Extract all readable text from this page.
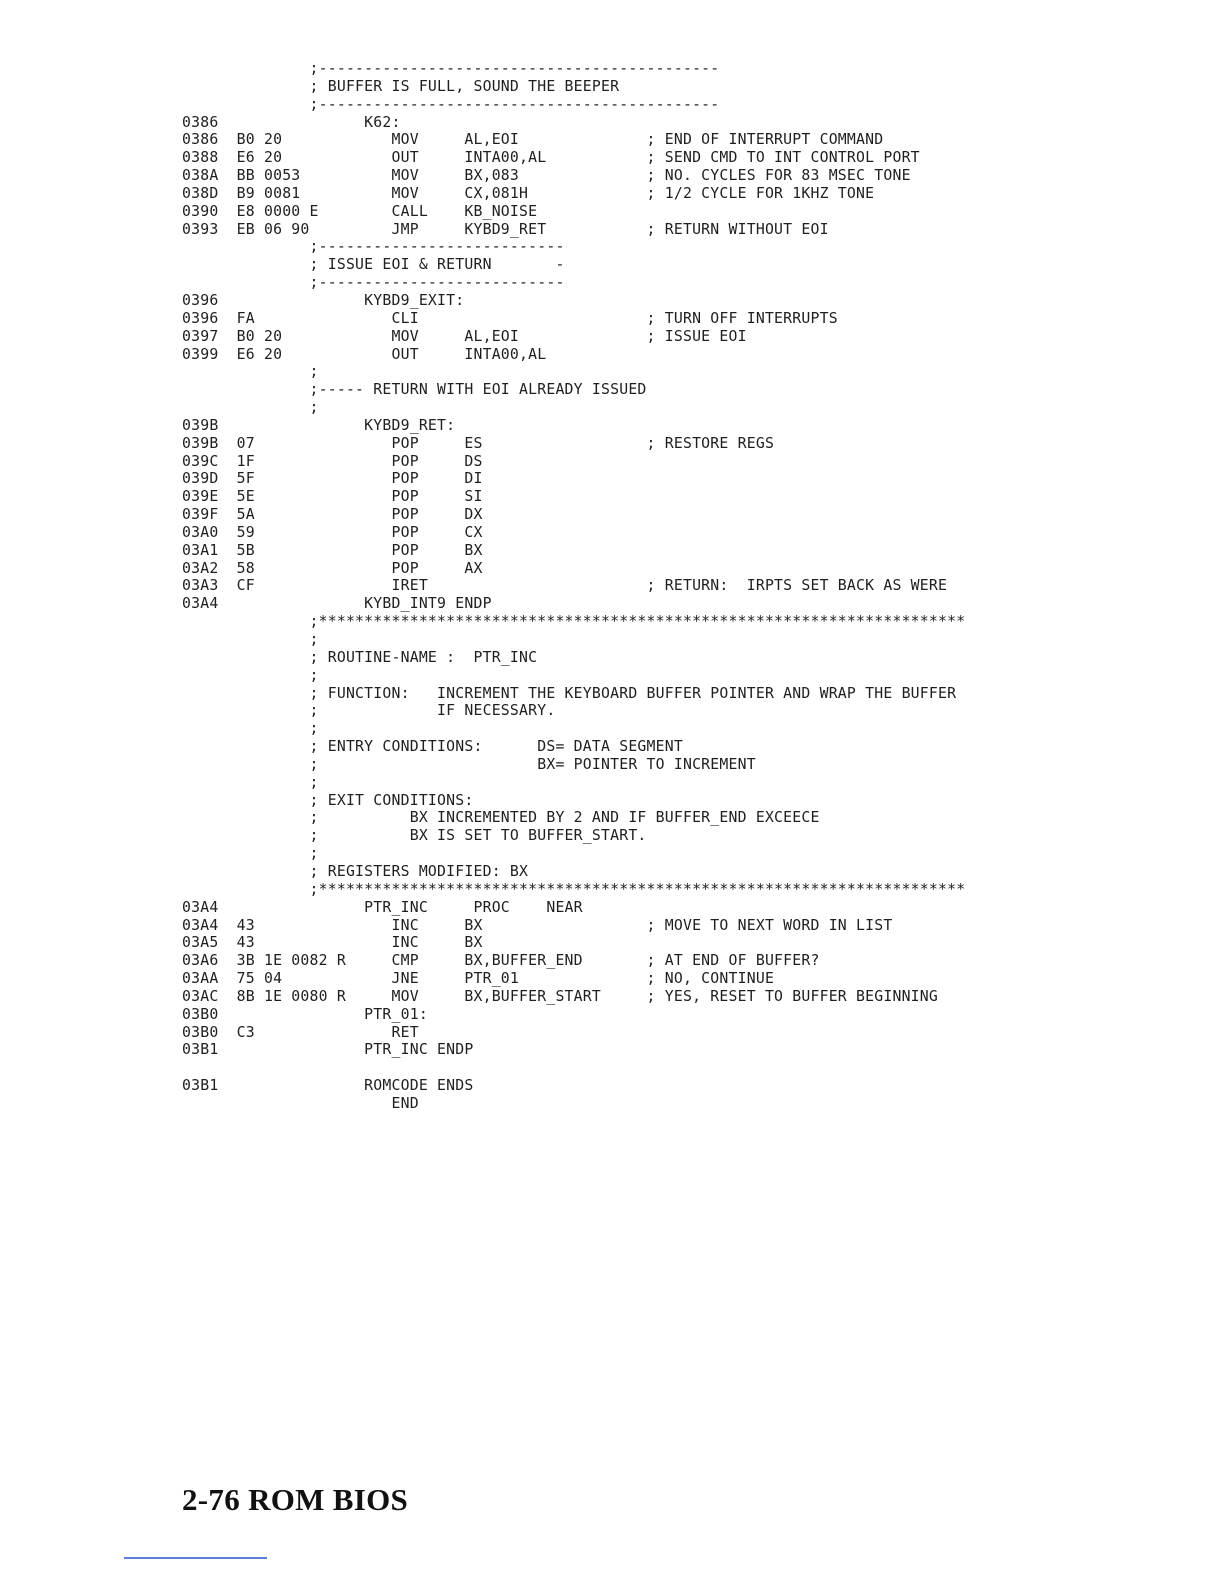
;--------------------------------------------
; BUFFER IS FULL, SOUND THE BEEPER
;--------------------------------------------
0386                K62:
0386  B0 20            MOV     AL,EOI              ; END OF INTERRUPT COMMAND
0388  E6 20            OUT     INTA00,AL           ; SEND CMD TO INT CONTROL PORT
038A  BB 0053          MOV     BX,083              ; NO. CYCLES FOR 83 MSEC TONE
038D  B9 0081          MOV     CX,081H             ; 1/2 CYCLE FOR 1KHZ TONE
0390  E8 0000 E        CALL    KB_NOISE
0393  EB 06 90         JMP     KYBD9_RET           ; RETURN WITHOUT EOI
;---------------------------
; ISSUE EOI & RETURN       -
;---------------------------
0396                KYBD9_EXIT:
0396  FA               CLI                         ; TURN OFF INTERRUPTS
0397  B0 20            MOV     AL,EOI              ; ISSUE EOI
0399  E6 20            OUT     INTA00,AL
;
;----- RETURN WITH EOI ALREADY ISSUED
;
039B                KYBD9_RET:
039B  07               POP     ES                  ; RESTORE REGS
039C  1F               POP     DS
039D  5F               POP     DI
039E  5E               POP     SI
039F  5A               POP     DX
03A0  59               POP     CX
03A1  5B               POP     BX
03A2  58               POP     AX
03A3  CF               IRET                        ; RETURN:  IRPTS SET BACK AS WERE
03A4                KYBD_INT9 ENDP
;***********************************************************************
;
; ROUTINE-NAME :  PTR_INC
;
; FUNCTION:   INCREMENT THE KEYBOARD BUFFER POINTER AND WRAP THE BUFFER
;             IF NECESSARY.
;
; ENTRY CONDITIONS:      DS= DATA SEGMENT
;                        BX= POINTER TO INCREMENT
;
; EXIT CONDITIONS:
;          BX INCREMENTED BY 2 AND IF BUFFER_END EXCEECE
;          BX IS SET TO BUFFER_START.
;
; REGISTERS MODIFIED: BX
;***********************************************************************
03A4                PTR_INC     PROC    NEAR
03A4  43               INC     BX                  ; MOVE TO NEXT WORD IN LIST
03A5  43               INC     BX
03A6  3B 1E 0082 R     CMP     BX,BUFFER_END       ; AT END OF BUFFER?
03AA  75 04            JNE     PTR_01              ; NO, CONTINUE
03AC  8B 1E 0080 R     MOV     BX,BUFFER_START     ; YES, RESET TO BUFFER BEGINNING
03B0                PTR_01:
03B0  C3               RET
03B1                PTR_INC ENDP
03B1                ROMCODE ENDS
END
2-76 ROM BIOS
